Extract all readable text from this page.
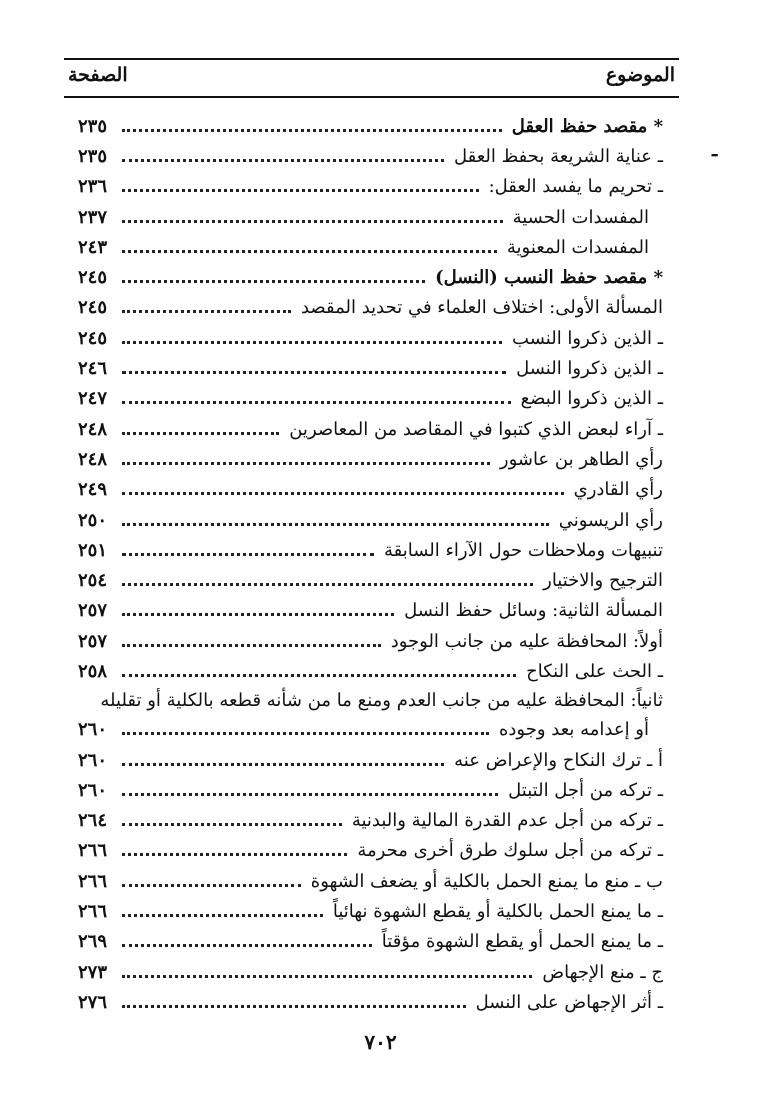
الموضوع
الصفحة
ـ
* مقصد حفظ العقل
٢٣٥
ـ عناية الشريعة بحفظ العقل
٢٣٥
ـ تحريم ما يفسد العقل:
٢٣٦
المفسدات الحسية
٢٣٧
المفسدات المعنوية
٢٤٣
* مقصد حفظ النسب (النسل)
٢٤٥
المسألة الأولى: اختلاف العلماء في تحديد المقصد
٢٤٥
ـ الذين ذكروا النسب
٢٤٥
ـ الذين ذكروا النسل
٢٤٦
ـ الذين ذكروا البضع
٢٤٧
ـ آراء لبعض الذي كتبوا في المقاصد من المعاصرين
٢٤٨
رأي الطاهر بن عاشور
٢٤٨
رأي القادري
٢٤٩
رأي الريسوني
٢٥٠
تنبيهات وملاحظات حول الآراء السابقة
٢٥١
الترجيح والاختيار
٢٥٤
المسألة الثانية: وسائل حفظ النسل
٢٥٧
أولاً: المحافظة عليه من جانب الوجود
٢٥٧
ـ الحث على النكاح
٢٥٨
ثانياً: المحافظة عليه من جانب العدم ومنع ما من شأنه قطعه بالكلية أو تقليله
أو إعدامه بعد وجوده
٢٦٠
أ ـ ترك النكاح والإعراض عنه
٢٦٠
ـ تركه من أجل التبتل
٢٦٠
ـ تركه من أجل عدم القدرة المالية والبدنية
٢٦٤
ـ تركه من أجل سلوك طرق أخرى محرمة
٢٦٦
ب ـ منع ما يمنع الحمل بالكلية أو يضعف الشهوة
٢٦٦
ـ ما يمنع الحمل بالكلية أو يقطع الشهوة نهائياً
٢٦٦
ـ ما يمنع الحمل أو يقطع الشهوة مؤقتاً
٢٦٩
ج ـ منع الإجهاض
٢٧٣
ـ أثر الإجهاض على النسل
٢٧٦
٧٠٢
